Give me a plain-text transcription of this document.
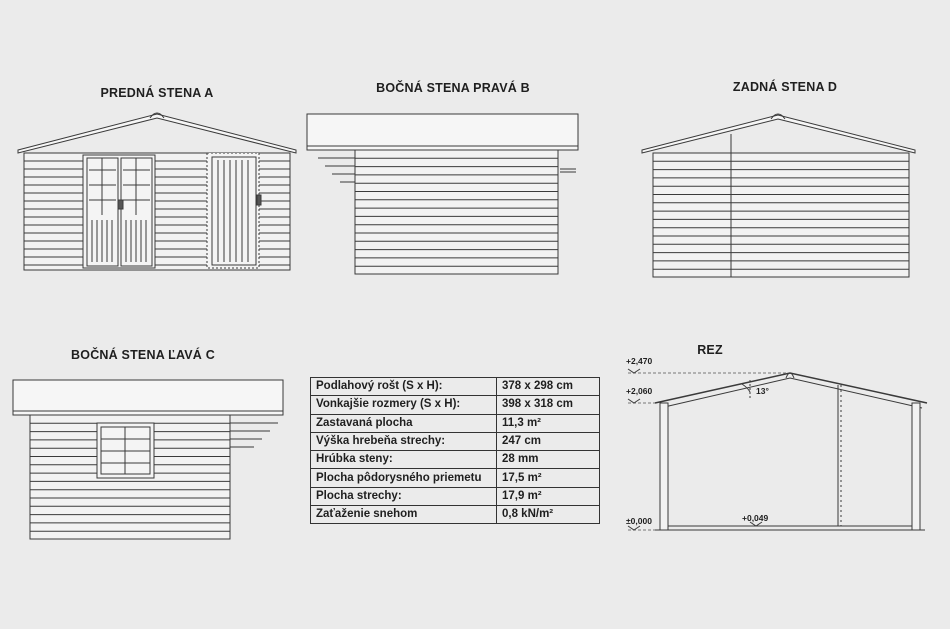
PREDNÁ STENA A	BOČNÁ STENA PRAVÁ B	ZADNÁ STENA D
BOČNÁ STENA ĽAVÁ C	REZ
+2,470
+2,060
±0,000	+0,049
13°
Podlahový rošt (S x H):	378 x 298 cm
Vonkajšie rozmery (S x H):	398 x 318 cm
Zastavaná plocha	11,3 m²
Výška hrebeňa strechy:	247 cm
Hrúbka steny:	28 mm
Plocha pôdorysného priemetu	17,5 m²
Plocha strechy:	17,9 m²
Zaťaženie snehom	0,8 kN/m²
